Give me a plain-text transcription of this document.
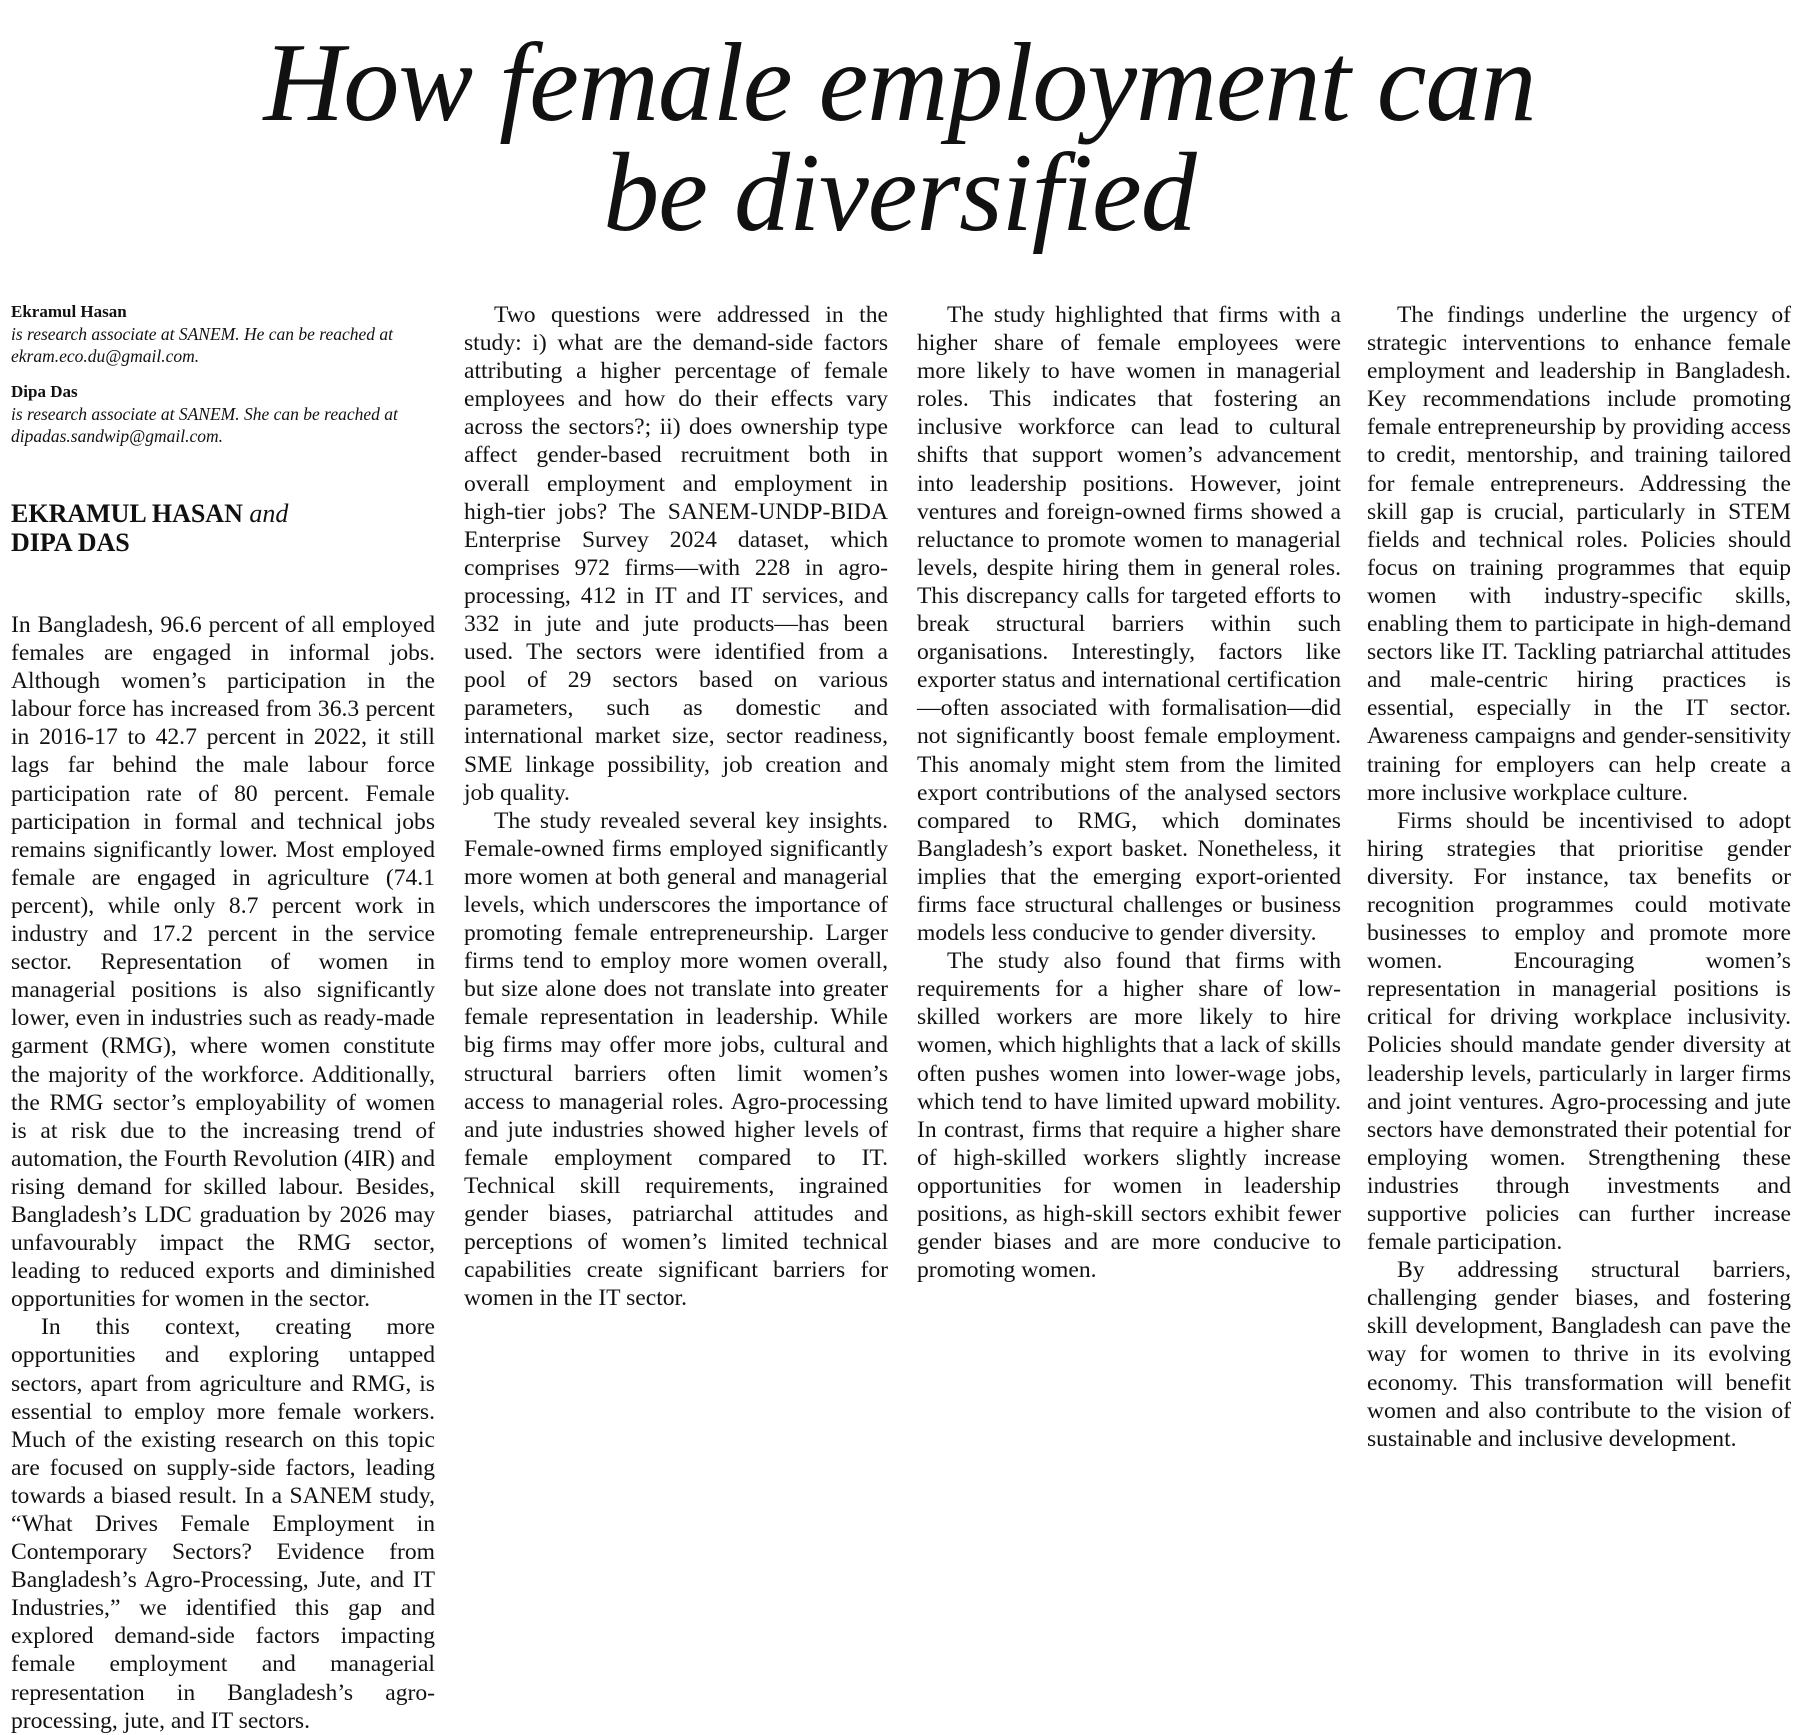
How female employment can
be diversified
Ekramul Hasan
is research associate at SANEM. He can be reached at ekram.eco.du@gmail.com.
Dipa Das
is research associate at SANEM. She can be reached at dipadas.sandwip@gmail.com.
EKRAMUL HASAN and
DIPA DAS

In Bangladesh, 96.6 percent of all employed females are engaged in informal jobs. Although women’s participation in the labour force has increased from 36.3 percent in 2016-17 to 42.7 percent in 2022, it still lags far behind the male labour force participation rate of 80 percent. Female participation in formal and technical jobs remains significantly lower. Most employed female are engaged in agriculture (74.1 percent), while only 8.7 percent work in industry and 17.2 percent in the service sector. Representation of women in managerial positions is also significantly lower, even in industries such as ready-made garment (RMG), where women constitute the majority of the workforce. Additionally, the RMG sector’s employability of women is at risk due to the increasing trend of automation, the Fourth Revolution (4IR) and rising demand for skilled labour. Besides, Bangladesh’s LDC graduation by 2026 may unfavourably impact the RMG sector, leading to reduced exports and diminished opportunities for women in the sector.

In this context, creating more opportunities and exploring untapped sectors, apart from agriculture and RMG, is essential to employ more female workers. Much of the existing research on this topic are focused on supply-side factors, leading towards a biased result. In a SANEM study, “What Drives Female Employment in Contemporary Sectors? Evidence from Bangladesh’s Agro-Processing, Jute, and IT Industries,” we identified this gap and explored demand-side factors impacting female employment and managerial representation in Bangladesh’s agro-processing, jute, and IT sectors.

Two questions were addressed in the study: i) what are the demand-side factors attributing a higher percentage of female employees and how do their effects vary across the sectors?; ii) does ownership type affect gender-based recruitment both in overall employment and employment in high-tier jobs? The SANEM-UNDP-BIDA Enterprise Survey 2024 dataset, which comprises 972 firms—with 228 in agro-processing, 412 in IT and IT services, and 332 in jute and jute products—has been used. The sectors were identified from a pool of 29 sectors based on various parameters, such as domestic and international market size, sector readiness, SME linkage possibility, job creation and job quality.

The study revealed several key insights. Female-owned firms employed significantly more women at both general and managerial levels, which underscores the importance of promoting female entrepreneurship. Larger firms tend to employ more women overall, but size alone does not translate into greater female representation in leadership. While big firms may offer more jobs, cultural and structural barriers often limit women’s access to managerial roles. Agro-processing and jute industries showed higher levels of female employment compared to IT. Technical skill requirements, ingrained gender biases, patriarchal attitudes and perceptions of women’s limited technical capabilities create significant barriers for women in the IT sector.

The study highlighted that firms with a higher share of female employees were more likely to have women in managerial roles. This indicates that fostering an inclusive workforce can lead to cultural shifts that support women’s advancement into leadership positions. However, joint ventures and foreign-owned firms showed a reluctance to promote women to managerial levels, despite hiring them in general roles. This discrepancy calls for targeted efforts to break structural barriers within such organisations. Interestingly, factors like exporter status and international certification—often associated with formalisation—did not significantly boost female employment. This anomaly might stem from the limited export contributions of the analysed sectors compared to RMG, which dominates Bangladesh’s export basket. Nonetheless, it implies that the emerging export-oriented firms face structural challenges or business models less conducive to gender diversity.

The study also found that firms with requirements for a higher share of low-skilled workers are more likely to hire women, which highlights that a lack of skills often pushes women into lower-wage jobs, which tend to have limited upward mobility. In contrast, firms that require a higher share of high-skilled workers slightly increase opportunities for women in leadership positions, as high-skill sectors exhibit fewer gender biases and are more conducive to promoting women.

The findings underline the urgency of strategic interventions to enhance female employment and leadership in Bangladesh. Key recommendations include promoting female entrepreneurship by providing access to credit, mentorship, and training tailored for female entrepreneurs. Addressing the skill gap is crucial, particularly in STEM fields and technical roles. Policies should focus on training programmes that equip women with industry-specific skills, enabling them to participate in high-demand sectors like IT. Tackling patriarchal attitudes and male-centric hiring practices is essential, especially in the IT sector. Awareness campaigns and gender-sensitivity training for employers can help create a more inclusive workplace culture.

Firms should be incentivised to adopt hiring strategies that prioritise gender diversity. For instance, tax benefits or recognition programmes could motivate businesses to employ and promote more women. Encouraging women’s representation in managerial positions is critical for driving workplace inclusivity. Policies should mandate gender diversity at leadership levels, particularly in larger firms and joint ventures. Agro-processing and jute sectors have demonstrated their potential for employing women. Strengthening these industries through investments and supportive policies can further increase female participation.

By addressing structural barriers, challenging gender biases, and fostering skill development, Bangladesh can pave the way for women to thrive in its evolving economy. This transformation will benefit women and also contribute to the vision of sustainable and inclusive development.
